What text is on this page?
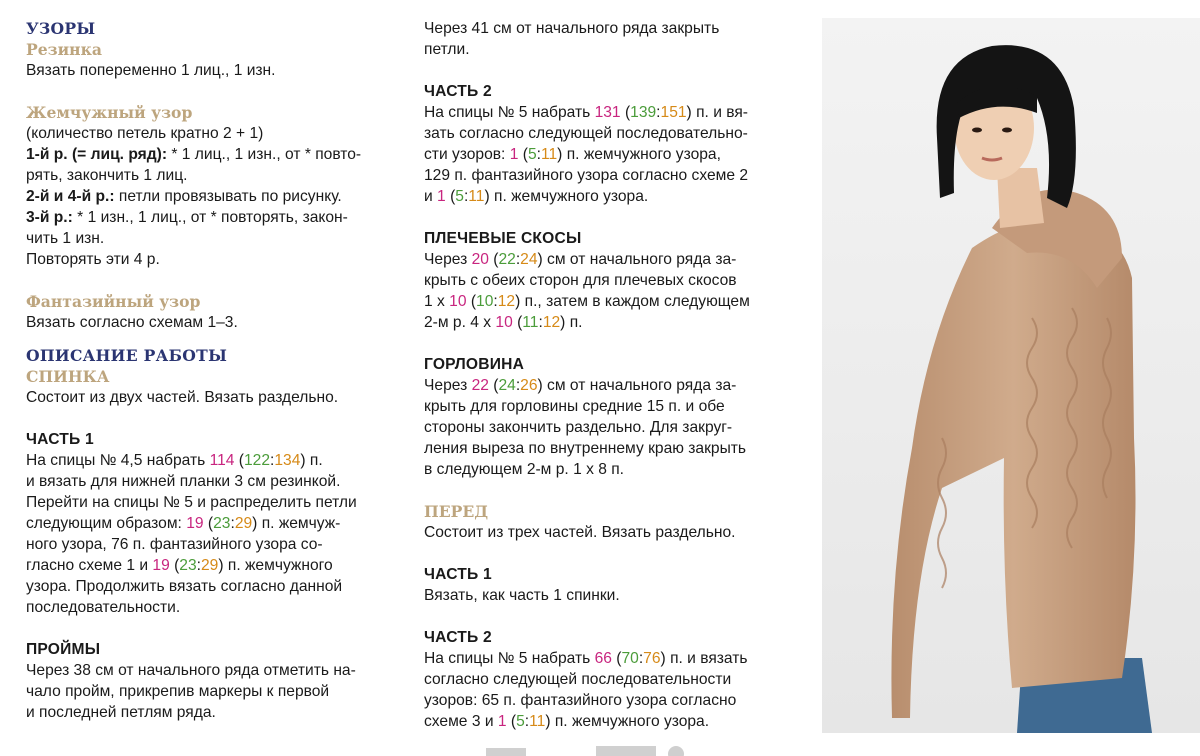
УЗОРЫ

Резинка

Вязать попеременно 1 лиц., 1 изн.

Жемчужный узор

(количество петель кратно 2 + 1)

1-й р. (= лиц. ряд): * 1 лиц., 1 изн., от * повто-

рять, закончить 1 лиц.

2-й и 4-й р.: петли провязывать по рисунку.

3-й р.: * 1 изн., 1 лиц., от * повторять, закон-

чить 1 изн.

Повторять эти 4 р.

Фантазийный узор

Вязать согласно схемам 1–3.

ОПИСАНИЕ РАБОТЫ

СПИНКА

Состоит из двух частей. Вязать раздельно.

ЧАСТЬ 1

На спицы № 4,5 набрать 114 (122:134) п.

и вязать для нижней планки 3 см резинкой.

Перейти на спицы № 5 и распределить петли

следующим образом: 19 (23:29) п. жемчуж-

ного узора, 76 п. фантазийного узора со-

гласно схеме 1 и 19 (23:29) п. жемчужного

узора. Продолжить вязать согласно данной

последовательности.

ПРОЙМЫ

Через 38 см от начального ряда отметить на-

чало пройм, прикрепив маркеры к первой

и последней петлям ряда.

Через 41 см от начального ряда закрыть

петли.

ЧАСТЬ 2

На спицы № 5 набрать 131 (139:151) п. и вя-

зать согласно следующей последовательно-

сти узоров: 1 (5:11) п. жемчужного узора,

129 п. фантазийного узора согласно схеме 2

и 1 (5:11) п. жемчужного узора.

ПЛЕЧЕВЫЕ СКОСЫ

Через 20 (22:24) см от начального ряда за-

крыть с обеих сторон для плечевых скосов

1 х 10 (10:12) п., затем в каждом следующем

2-м р. 4 х 10 (11:12) п.

ГОРЛОВИНА

Через 22 (24:26) см от начального ряда за-

крыть для горловины средние 15 п. и обе

стороны закончить раздельно. Для закруг-

ления выреза по внутреннему краю закрыть

в следующем 2-м р. 1 х 8 п.

ПЕРЕД

Состоит из трех частей. Вязать раздельно.

ЧАСТЬ 1

Вязать, как часть 1 спинки.

ЧАСТЬ 2

На спицы № 5 набрать 66 (70:76) п. и вязать

согласно следующей последовательности

узоров: 65 п. фантазийного узора согласно

схеме 3 и 1 (5:11) п. жемчужного узора.
